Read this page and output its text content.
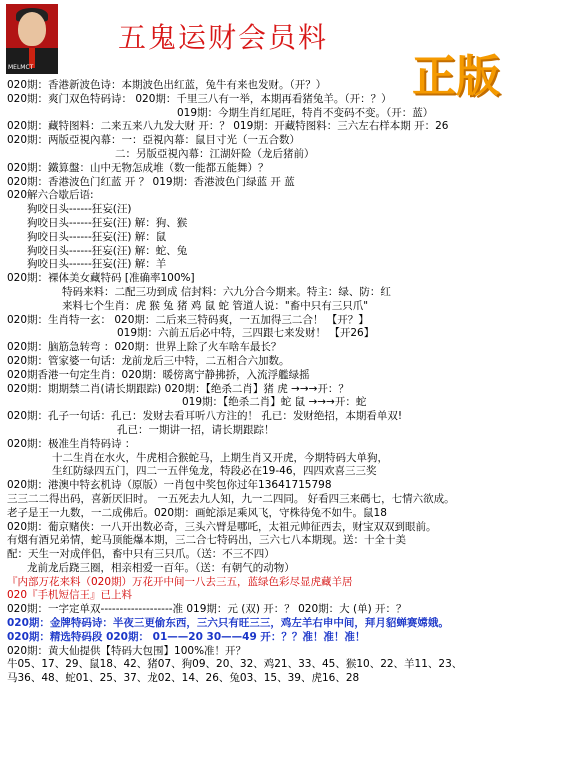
MELMCT
五鬼运财会员料
正版
020期：香港新波色诗：本期波色出红蓝，兔牛有来也发财。（开？）
020期：爽门双色特码诗： 020期：千里三八有一举，本期再看猪兔羊。（开：？）
019期：今期生肖红尾旺，特肖不变码不变。（开：蓝）
020期：藏特图料：二来五来八九发大财 开：？ 019期：开藏特图料：三六左右样本期 开：26
020期：两版亞視內幕：一：亞視內幕：鼠目寸光（一五合数）
二：另版亞視內幕：江湖奸险（龙后猪前）
020期：鐵算盤：山中无物怎成堆（数一能都五能舞）？
020期：香港波色门红蓝 开 ？ 019期：香港波色门绿蓝 开 蓝
020解六合歇后语:
狗咬日头------狂妄(汪)
狗咬日头------狂妄(汪) 解：狗、猴
狗咬日头------狂妄(汪) 解：鼠
狗咬日头------狂妄(汪) 解：蛇、兔
狗咬日头------狂妄(汪) 解：羊
020期：裸体美女藏特码 [准确率100%]
特码来料：二配三功到成 信封料：六九分合今期来。特主：绿、防：红
来料七个生肖：虎 猴 兔 猪 鸡 鼠 蛇 管道人说："畜中只有三只爪"
020期：生肖特一玄： 020期：二后来三特码爽，一五加得三二合！ 【开？】
019期：六前五后必中特，三四跟七来发财！ 【开26】
020期：脑筋急转弯 ：020期：世界上除了火车啥车最长？
020期：管家婆一句话：龙前龙后三中特，二五相合六加数。
020期香港一句定生肖：020期：暖傍离宁静拂挢，入流浮艦绿摇
020期：期期禁二肖(请长期跟踪) 020期：【绝杀二肖】猪 虎 →→→开：？
019期：【绝杀二肖】蛇 鼠 →→→开：蛇
020期：孔子一句话：孔已：发财去看耳听八方注的！ 孔已：发财绝招，本期看单双!
孔已：一期讲一招，请长期跟踪！
020期：极准生肖特码诗 ：
十二生肖在水火，牛虎相合猴蛇马，上期生肖又开虎，今期特码大单狗，
生红防绿四五门，四二一五伴兔龙，特段必在19-46，四四欢喜三三奖
020期：港澳中特玄机诗（原版）一肖包中奖包你过年13641715798
三三二二得出码，喜新厌旧时。 一五死去九人知，九一二四同。 好看四三来碼七，七情六欲成。
老子是王一九数，一二成佛后。020期：画蛇添足乘风飞，守株待兔不如牛。鼠18
020期：葡京赌侠：一八开出数必奇，三头六臂是哪吒，太祖元帅征西去，财宝双双到眼前。
有烟有酒兄弟情，蛇马顶能爆本期，三二合七特码出，三六七八本期现。送：十全十美
配：天生一对成伴侣，畜中只有三只爪。（送：不三不四）
龙前龙后跷三圈，相亲相爱一百年。（送：有朝气的动物）
『内部万花来料（020期）万花开中间一八去三五，蓝绿色彩尽显虎藏羊居
020『手机短信王』已上料
020期：一字定单双-------------------准 019期：元 (双) 开：？ 020期：大 (单) 开：？
020期：金牌特码诗：半夜三更偷东西，三六只有旺三三，鸡左羊右申中间，拜月貂蝉赛嫦娥。
020期：精选特码段 020期： 01——20 30——49 开：？？准！准！准！
020期：黄大仙提供【特码大包围】100%准！开？
牛05、17、29、鼠18、42、猪07、狗09、20、32、鸡21、33、45、猴10、22、羊11、23、
马36、48、蛇01、25、37、龙02、14、26、兔03、15、39、虎16、28
